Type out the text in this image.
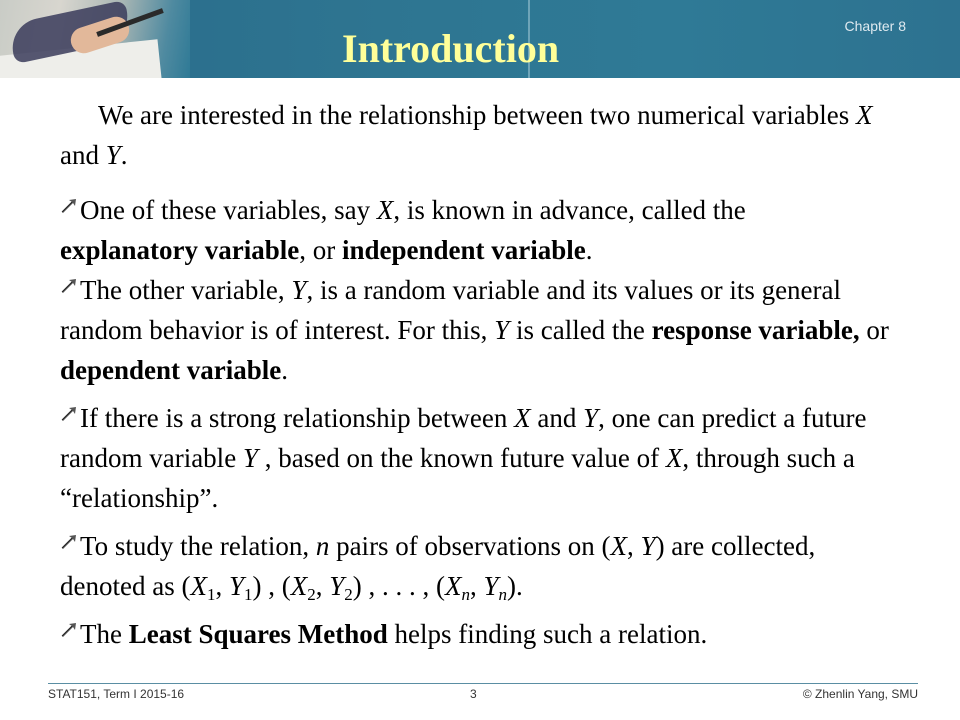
Introduction	Chapter 8

We are interested in the relationship between two numerical variables X and Y.

One of these variables, say X, is known in advance, called the explanatory variable, or independent variable.
The other variable, Y, is a random variable and its values or its general random behavior is of interest. For this, Y is called the response variable, or dependent variable.
If there is a strong relationship between X and Y, one can predict a future random variable Y , based on the known future value of X, through such a “relationship”.
To study the relation, n pairs of observations on (X, Y) are collected, denoted as ($X_1$, $Y_1$) , ($X_2$, $Y_2$) , . . . , ($X_n$, $Y_n$).
The Least Squares Method helps finding such a relation.
STAT151, Term I 2015-16	3	© Zhenlin Yang, SMU
